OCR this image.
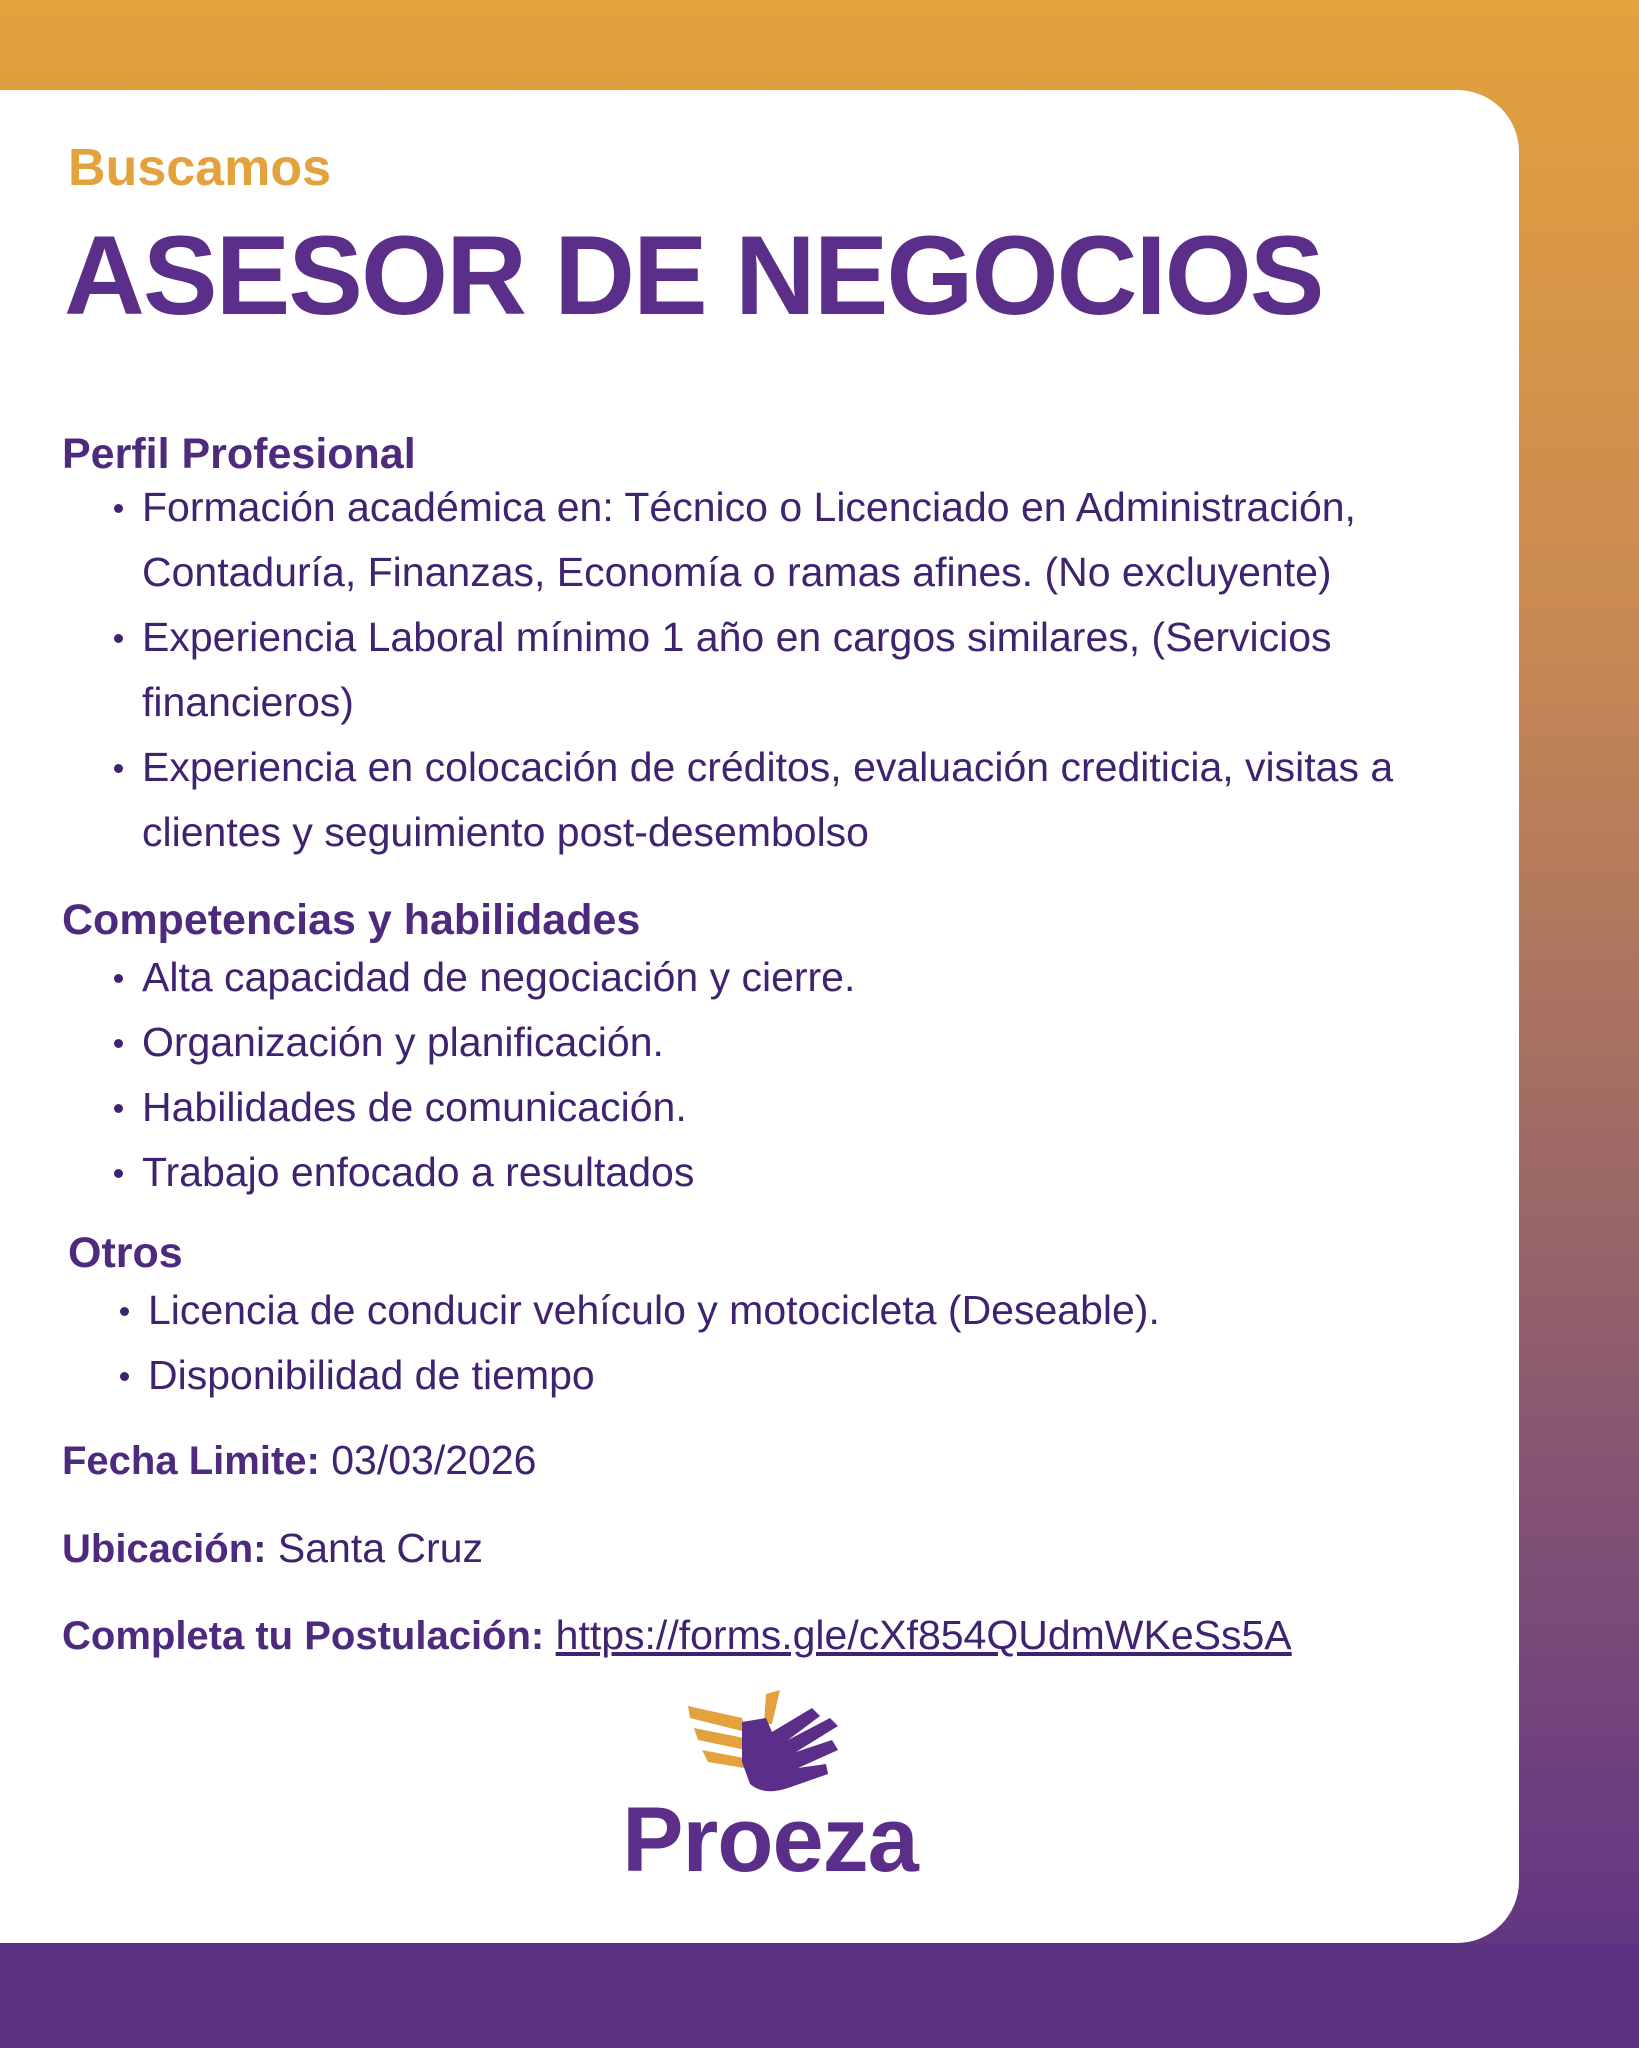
Buscamos

ASESOR DE NEGOCIOS
Perfil Profesional
Formación académica en: Técnico o Licenciado en Administración, Contaduría, Finanzas, Economía o ramas afines. (No excluyente)
Experiencia Laboral mínimo 1 año en cargos similares, (Servicios financieros)
Experiencia en colocación de créditos, evaluación crediticia, visitas a clientes y seguimiento post-desembolso
Competencias y habilidades
Alta capacidad de negociación y cierre.
Organización y planificación.
Habilidades de comunicación.
Trabajo enfocado a resultados
Otros
Licencia de conducir vehículo y motocicleta (Deseable).
Disponibilidad de tiempo

Fecha Limite: 03/03/2026

Ubicación: Santa Cruz

Completa tu Postulación: https://forms.gle/cXf854QUdmWKeSs5A

Proeza
